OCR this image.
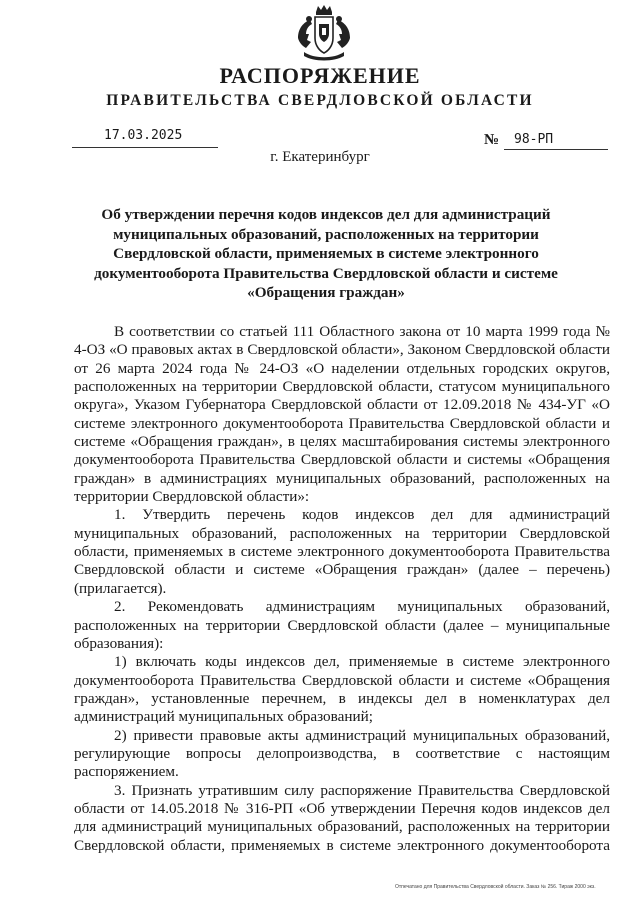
РАСПОРЯЖЕНИЕ
ПРАВИТЕЛЬСТВА СВЕРДЛОВСКОЙ ОБЛАСТИ
17.03.2025	№ 98-РП
г. Екатеринбург
Об утверждении перечня кодов индексов дел для администраций муниципальных образований, расположенных на территории Свердловской области, применяемых в системе электронного документооборота Правительства Свердловской области и системе «Обращения граждан»

В соответствии со статьей 111 Областного закона от 10 марта 1999 года № 4-ОЗ «О правовых актах в Свердловской области», Законом Свердловской области от 26 марта 2024 года № 24-ОЗ «О наделении отдельных городских округов, расположенных на территории Свердловской области, статусом муниципального округа», Указом Губернатора Свердловской области от 12.09.2018 № 434-УГ «О системе электронного документооборота Правительства Свердловской области и системе «Обращения граждан», в целях масштабирования системы электронного документооборота Правительства Свердловской области и системы «Обращения граждан» в администрациях муниципальных образований, расположенных на территории Свердловской области»:

1. Утвердить перечень кодов индексов дел для администраций муниципальных образований, расположенных на территории Свердловской области, применяемых в системе электронного документооборота Правительства Свердловской области и системе «Обращения граждан» (далее – перечень) (прилагается).

2. Рекомендовать администрациям муниципальных образований, расположенных на территории Свердловской области (далее – муниципальные образования):

1) включать коды индексов дел, применяемые в системе электронного документооборота Правительства Свердловской области и системе «Обращения граждан», установленные перечнем, в индексы дел в номенклатурах дел администраций муниципальных образований;

2) привести правовые акты администраций муниципальных образований, регулирующие вопросы делопроизводства, в соответствие с настоящим распоряжением.

3. Признать утратившим силу распоряжение Правительства Свердловской области от 14.05.2018 № 316-РП «Об утверждении Перечня кодов индексов дел для администраций муниципальных образований, расположенных на территории Свердловской области, применяемых в системе электронного документооборота

Отпечатано для Правительства Свердловской области. Заказ № 256. Тираж 2000 экз.
